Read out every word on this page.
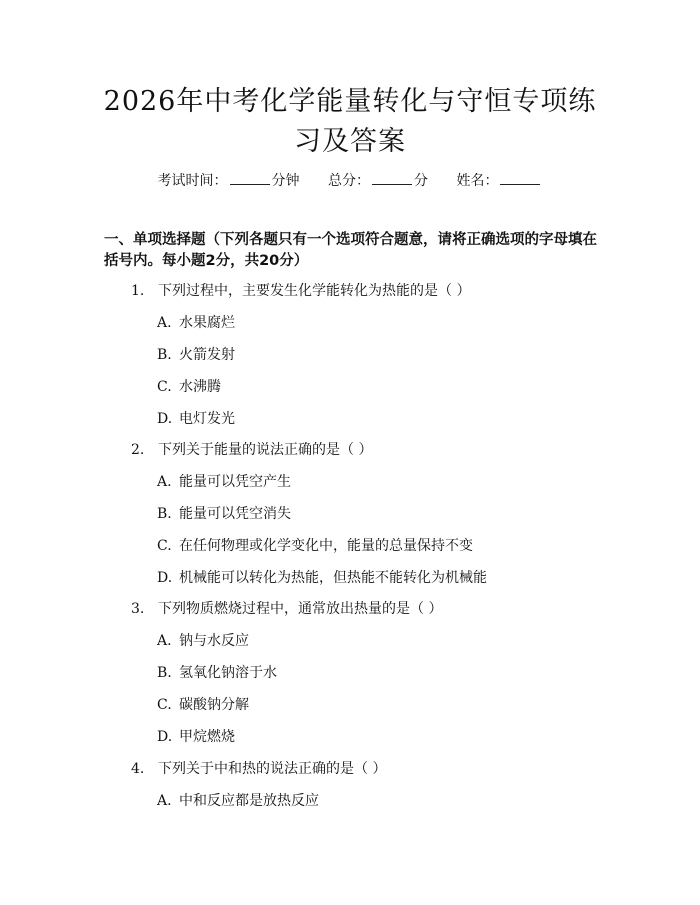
2026年中考化学能量转化与守恒专项练习及答案
考试时间：	分钟 总分：	分 姓名：
一、单项选择题（下列各题只有一个选项符合题意，请将正确选项的字母填在括号内。每小题2分，共20分）
1. 下列过程中，主要发生化学能转化为热能的是（ ）
A. 水果腐烂
B. 火箭发射
C. 水沸腾
D. 电灯发光
2. 下列关于能量的说法正确的是（ ）
A. 能量可以凭空产生
B. 能量可以凭空消失
C. 在任何物理或化学变化中，能量的总量保持不变
D. 机械能可以转化为热能，但热能不能转化为机械能
3. 下列物质燃烧过程中，通常放出热量的是（ ）
A. 钠与水反应
B. 氢氧化钠溶于水
C. 碳酸钠分解
D. 甲烷燃烧
4. 下列关于中和热的说法正确的是（ ）
A. 中和反应都是放热反应
